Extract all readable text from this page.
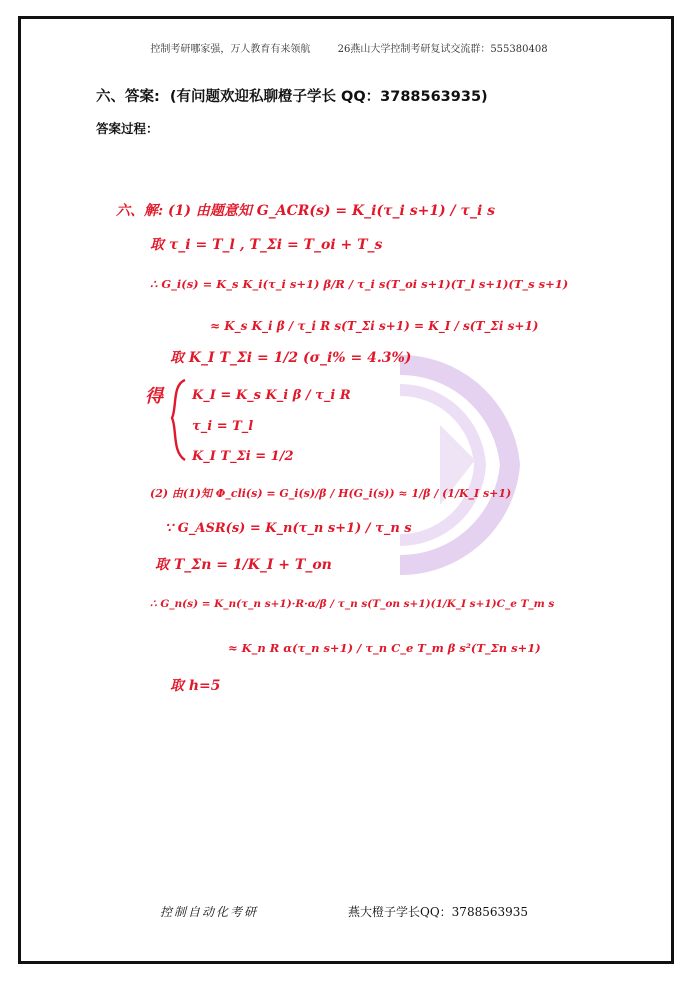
控制考研哪家强，万人教育有来领航	26燕山大学控制考研复试交流群：555380408
六、答案: (有问题欢迎私聊橙子学长 QQ：3788563935)
答案过程：
六、解: (1) 由题意知 G_ACR(s) = K_i(τ_i s+1) / τ_i s
取 τ_i = T_l , T_Σi = T_oi + T_s
∴ G_i(s) = K_s K_i(τ_i s+1) β/R / τ_i s(T_oi s+1)(T_l s+1)(T_s s+1)
≈ K_s K_i β / τ_i R s(T_Σi s+1) = K_I / s(T_Σi s+1)
取 K_I T_Σi = 1/2 (σ_i% = 4.3%)
得 K_I = K_s K_i β / τ_i R
τ_i = T_l
K_I T_Σi = 1/2
(2) 由(1)知 Φ_cli(s) = G_i(s)/β / H(G_i(s)) ≈ 1/β / (1/K_I s+1)
∵ G_ASR(s) = K_n(τ_n s+1) / τ_n s
取 T_Σn = 1/K_I + T_on
∴ G_n(s) = K_n(τ_n s+1)·R·α/β / τ_n s(T_on s+1)(1/K_I s+1)C_e T_m s
≈ K_n R α(τ_n s+1) / τ_n C_e T_m β s²(T_Σn s+1)
取 h=5
控制自动化考研	燕大橙子学长QQ：3788563935
